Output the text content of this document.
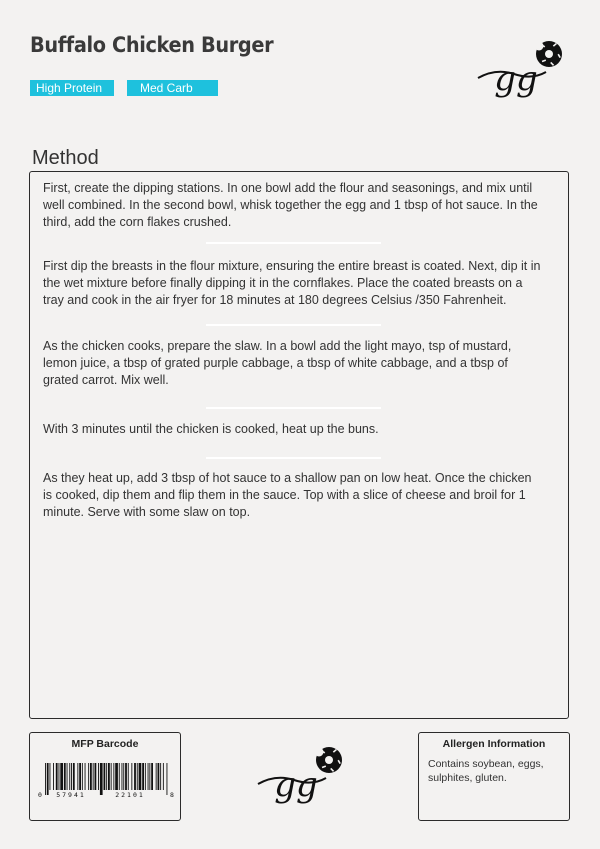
Buffalo Chicken Burger
High Protein	Med Carb	gg
Method

First, create the dipping stations. In one bowl add the flour and seasonings, and mix until well combined. In the second bowl, whisk together the egg and 1 tbsp of hot sauce. In the third, add the corn flakes crushed.

First dip the breasts in the flour mixture, ensuring the entire breast is coated. Next, dip it in the wet mixture before finally dipping it in the cornflakes. Place the coated breasts on a tray and cook in the air fryer for 18 minutes at 180 degrees Celsius /350 Fahrenheit.

As the chicken cooks, prepare the slaw. In a bowl add the light mayo, tsp of mustard, lemon juice, a tbsp of grated purple cabbage, a tbsp of white cabbage, and a tbsp of grated carrot. Mix well.

With 3 minutes until the chicken is cooked, heat up the buns.

As they heat up, add 3 tbsp of hot sauce to a shallow pan on low heat. Once the chicken is cooked, dip them and flip them in the sauce. Top with a slice of cheese and broil for 1 minute. Serve with some slaw on top.

MFP Barcode
0 57941	22101	8	gg
Allergen Information

Contains soybean, eggs, sulphites, gluten.
